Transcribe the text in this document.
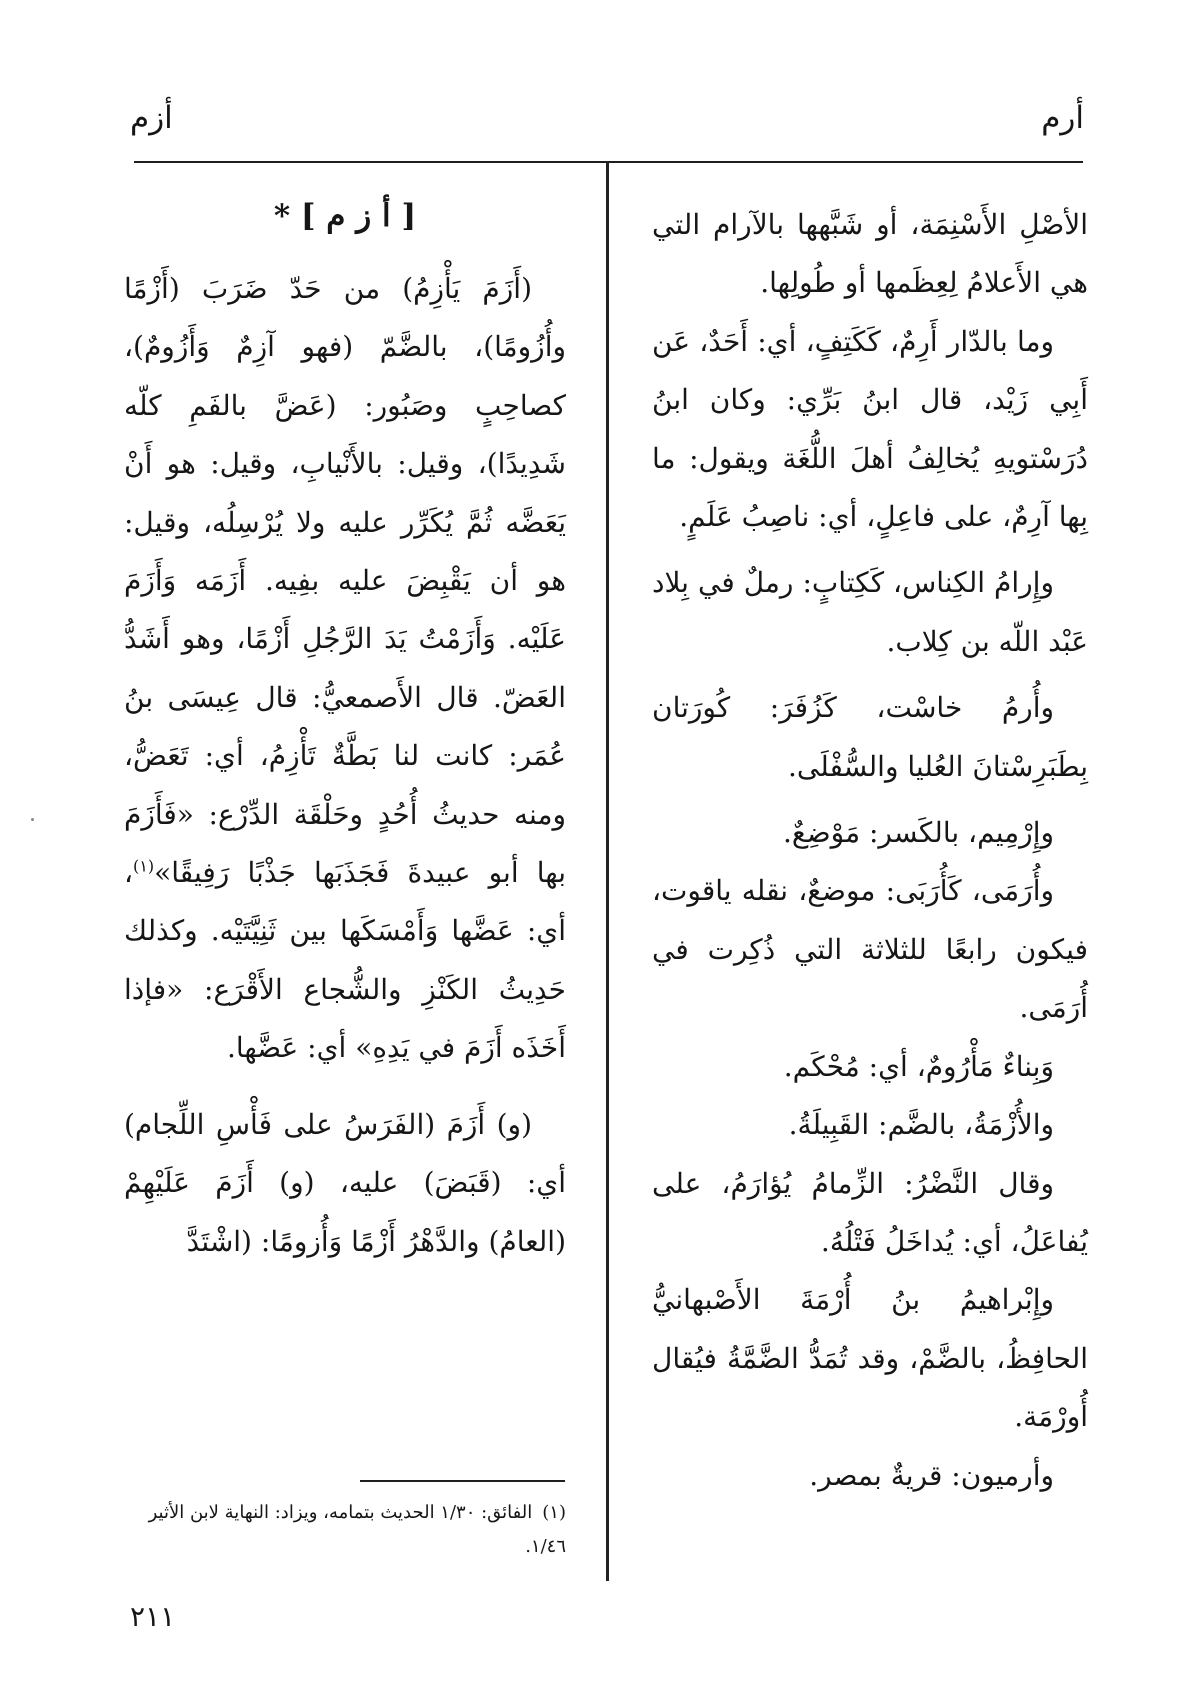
أرم
أزم

الأصْلِ الأَسْنِمَة، أو شَبَّهها بالآرام التي هي الأَعلامُ لِعِظَمها أو طُولِها.

وما بالدّار أَرِمٌ، كَكَتِفٍ، أي: أَحَدٌ، عَن أَبِي زَيْد، قال ابنُ بَرِّي: وكان ابنُ دُرَسْتويهِ يُخالِفُ أهلَ اللُّغَة ويقول: ما بِها آرِمٌ، على فاعِلٍ، أي: ناصِبُ عَلَمٍ.

وإِرامُ الكِناس، كَكِتابٍ: رملٌ في بِلاد عَبْد اللّه بن كِلاب.

وأُرمُ خاسْت، كَزُفَرَ: كُورَتان بِطَبَرِسْتانَ العُليا والسُّفْلَى.

وإِرْمِيم، بالكَسر: مَوْضِعٌ.

وأُرَمَى، كَأُرَبَى: موضعٌ، نقله ياقوت، فيكون رابعًا للثلاثة التي ذُكِرت في أُرَمَى.

وَبِناءٌ مَأْرُومٌ، أي: مُحْكَم.

والأُزْمَةُ، بالضَّم: القَبِيلَةُ.

وقال النَّضْرُ: الزِّمامُ يُؤارَمُ، على يُفاعَلُ، أي: يُداخَلُ فَتْلُهُ.

وإِبْراهيمُ بنُ أُرْمَةَ الأَصْبهانيُّ الحافِظُ، بالضَّمْ، وقد تُمَدُّ الضَّمَّةُ فيُقال أُورْمَة.

وأرميون: قريةٌ بمصر.

[ أ ز م ] *

(أَزَمَ يَأْزِمُ) من حَدّ ضَرَبَ (أَزْمًا وأُزُومًا)، بالضَّمّ (فهو آزِمٌ وَأَزُومٌ)، كصاحِبٍ وصَبُور: (عَضَّ بالفَمِ كلّه شَدِيدًا)، وقيل: بالأَنْيابِ، وقيل: هو أَنْ يَعَضَّه ثُمَّ يُكَرِّر عليه ولا يُرْسِلُه، وقيل: هو أن يَقْبِضَ عليه بفِيه. أَزَمَه وَأَزَمَ عَلَيْه. وَأَزَمْتُ يَدَ الرَّجُلِ أَزْمًا، وهو أَشَدُّ العَضّ. قال الأَصمعيُّ: قال عِيسَى بنُ عُمَر: كانت لنا بَطَّةٌ تَأْزِمُ، أي: تَعَضُّ، ومنه حديثُ أُحُدٍ وحَلْقَة الدِّرْع: «فَأَزَمَ بها أبو عبيدةَ فَجَذَبَها جَذْبًا رَفِيقًا»$^{(١)}$، أي: عَضَّها وَأَمْسَكَها بين ثَنِيَّتَيْه. وكذلك حَدِيثُ الكَنْزِ والشُّجاع الأَقْرَع: «فإذا أَخَذَه أَزَمَ في يَدِهِ» أي: عَضَّها.

(و) أَزَمَ (الفَرَسُ على فَأْسِ اللِّجام) أي: (قَبَضَ) عليه، (و) أَزَمَ عَلَيْهِمْ (العامُ) والدَّهْرُ أَزْمًا وَأُزومًا: (اشْتَدَّ

(١)الفائق: ١/٣٠ الحديث بتمامه، ويزاد: النهاية لابن الأثير ١/٤٦.
٢١١
